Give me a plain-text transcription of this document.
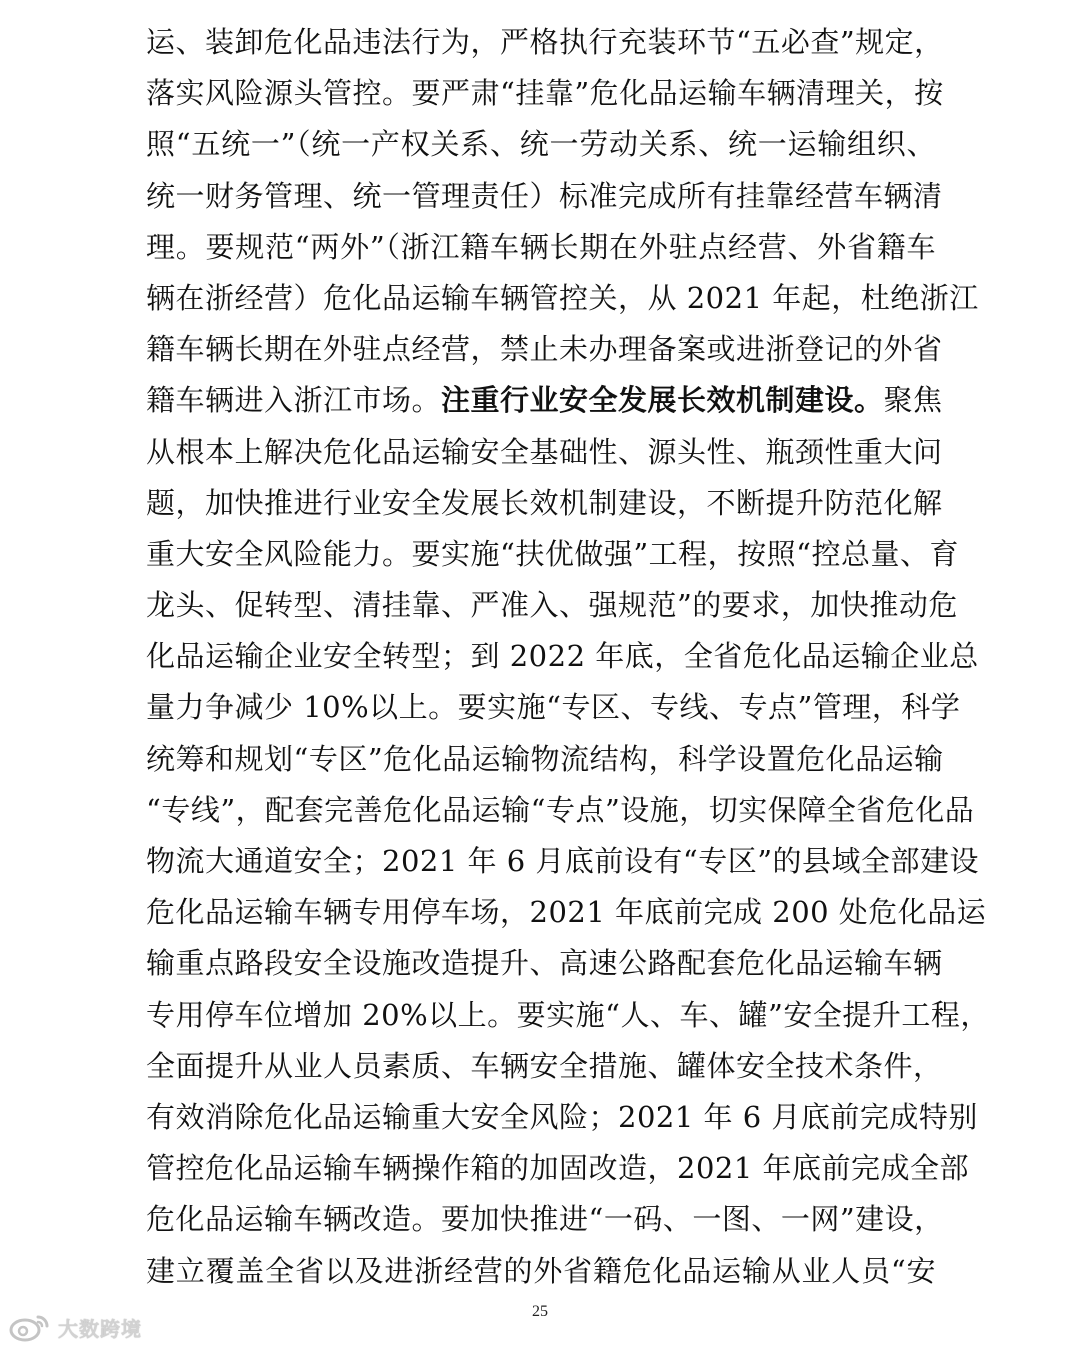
运、装卸危化品违法行为，严格执行充装环节“五必查”规定，
落实风险源头管控。要严肃“挂靠”危化品运输车辆清理关，按
照“五统一”（统一产权关系、统一劳动关系、统一运输组织、
统一财务管理、统一管理责任）标准完成所有挂靠经营车辆清
理。要规范“两外”（浙江籍车辆长期在外驻点经营、外省籍车
辆在浙经营）危化品运输车辆管控关，从 2021 年起，杜绝浙江
籍车辆长期在外驻点经营，禁止未办理备案或进浙登记的外省
籍车辆进入浙江市场。注重行业安全发展长效机制建设。聚焦
从根本上解决危化品运输安全基础性、源头性、瓶颈性重大问
题，加快推进行业安全发展长效机制建设，不断提升防范化解
重大安全风险能力。要实施“扶优做强”工程，按照“控总量、育
龙头、促转型、清挂靠、严准入、强规范”的要求，加快推动危
化品运输企业安全转型；到 2022 年底，全省危化品运输企业总
量力争减少 10%以上。要实施“专区、专线、专点”管理，科学
统筹和规划“专区”危化品运输物流结构，科学设置危化品运输
“专线”，配套完善危化品运输“专点”设施，切实保障全省危化品
物流大通道安全；2021 年 6 月底前设有“专区”的县域全部建设
危化品运输车辆专用停车场，2021 年底前完成 200 处危化品运
输重点路段安全设施改造提升、高速公路配套危化品运输车辆
专用停车位增加 20%以上。要实施“人、车、罐”安全提升工程，
全面提升从业人员素质、车辆安全措施、罐体安全技术条件，
有效消除危化品运输重大安全风险；2021 年 6 月底前完成特别
管控危化品运输车辆操作箱的加固改造，2021 年底前完成全部
危化品运输车辆改造。要加快推进“一码、一图、一网”建设，
建立覆盖全省以及进浙经营的外省籍危化品运输从业人员“安
25
大数跨境
